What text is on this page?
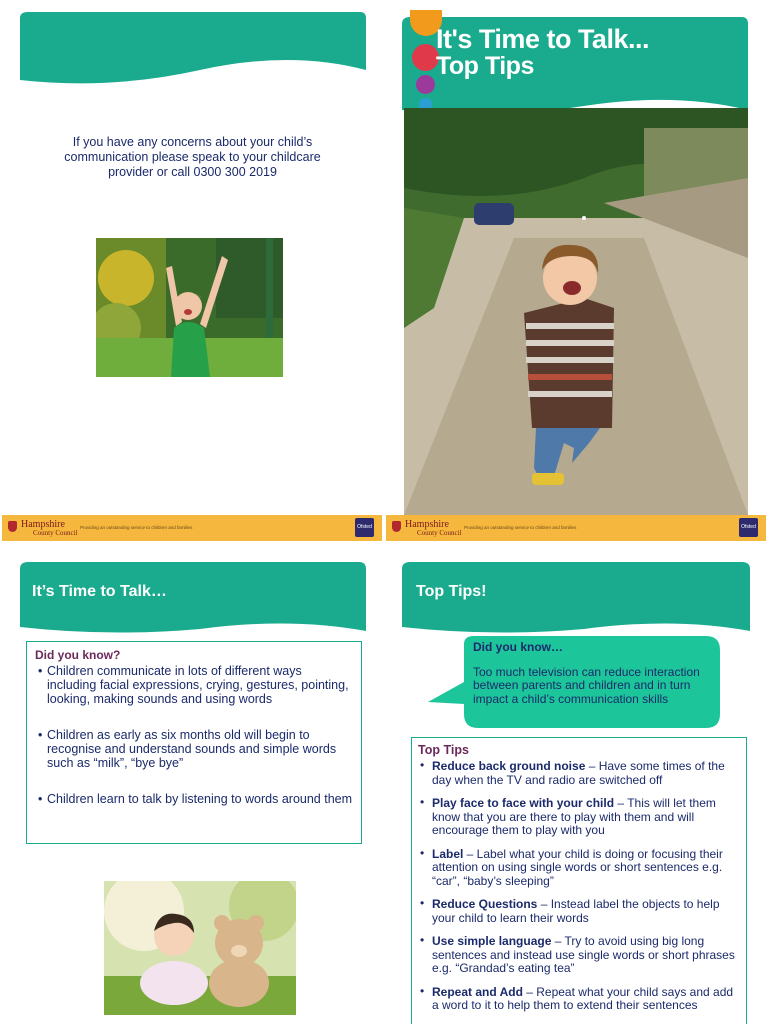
If you have any concerns about your child’s communication please speak to your childcare provider or call 0300 300 2019
Hampshire
County Council
Providing an outstanding service to children and families	Ofsted
It's Time to Talk...
Top Tips
Hampshire
County Council
Providing an outstanding service to children and families	Ofsted
It’s Time to Talk…
Did you know?
• Children communicate in lots of different ways including facial expressions, crying, gestures, pointing, looking, making sounds and using words
• Children as early as six months old will begin to recognise and understand sounds and simple words such as “milk”, “bye bye”
• Children learn to talk by listening to words around them
Top Tips!
Did you know…
Too much television can reduce interaction between parents and children and in turn impact a child’s communication skills
Top Tips
• Reduce back ground noise – Have some times of the day when the TV and radio are switched off
• Play face to face with your child – This will let them know that you are there to play with them and will encourage them to play with you
• Label – Label what your child is doing or focusing their attention on using single words or short sentences e.g. “car”, “baby’s sleeping”
• Reduce Questions – Instead label the objects to help your child to learn their words
• Use simple language – Try to avoid using big long sentences and instead use single words or short phrases e.g. “Grandad’s eating tea”
• Repeat and Add – Repeat what your child says and add a word to it to help them to extend their sentences
